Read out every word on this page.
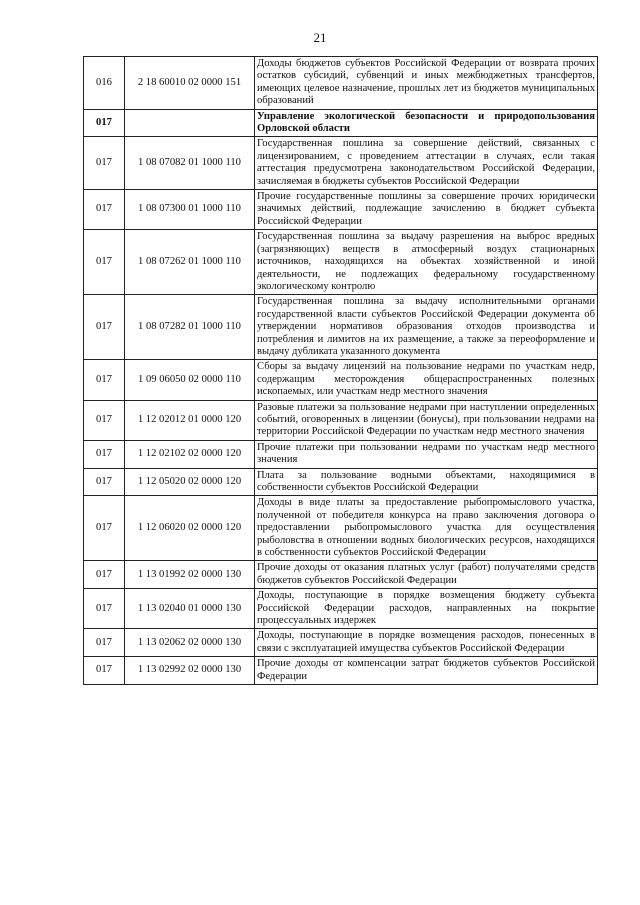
21
016	2 18 60010 02 0000 151	Доходы бюджетов субъектов Российской Федерации от возврата прочих остатков субсидий, субвенций и иных межбюджетных трансфертов, имеющих целевое назначение, прошлых лет из бюджетов муниципальных образований
017		Управление экологической безопасности и природопользования Орловской области
017	1 08 07082 01 1000 110	Государственная пошлина за совершение действий, связанных с лицензированием, с проведением аттестации в случаях, если такая аттестация предусмотрена законодательством Российской Федерации, зачисляемая в бюджеты субъектов Российской Федерации
017	1 08 07300 01 1000 110	Прочие государственные пошлины за совершение прочих юридически значимых действий, подлежащие зачислению в бюджет субъекта Российской Федерации
017	1 08 07262 01 1000 110	Государственная пошлина за выдачу разрешения на выброс вредных (загрязняющих) веществ в атмосферный воздух стационарных источников, находящихся на объектах хозяйственной и иной деятельности, не подлежащих федеральному государственному экологическому контролю
017	1 08 07282 01 1000 110	Государственная пошлина за выдачу исполнительными органами государственной власти субъектов Российской Федерации документа об утверждении нормативов образования отходов производства и потребления и лимитов на их размещение, а также за переоформление и выдачу дубликата указанного документа
017	1 09 06050 02 0000 110	Сборы за выдачу лицензий на пользование недрами по участкам недр, содержащим месторождения общераспространенных полезных ископаемых, или участкам недр местного значения
017	1 12 02012 01 0000 120	Разовые платежи за пользование недрами при наступлении определенных событий, оговоренных в лицензии (бонусы), при пользовании недрами на территории Российской Федерации по участкам недр местного значения
017	1 12 02102 02 0000 120	Прочие платежи при пользовании недрами по участкам недр местного значения
017	1 12 05020 02 0000 120	Плата за пользование водными объектами, находящимися в собственности субъектов Российской Федерации
017	1 12 06020 02 0000 120	Доходы в виде платы за предоставление рыбопромыслового участка, полученной от победителя конкурса на право заключения договора о предоставлении рыбопромыслового участка для осуществления рыболовства в отношении водных биологических ресурсов, находящихся в собственности субъектов Российской Федерации
017	1 13 01992 02 0000 130	Прочие доходы от оказания платных услуг (работ) получателями средств бюджетов субъектов Российской Федерации
017	1 13 02040 01 0000 130	Доходы, поступающие в порядке возмещения бюджету субъекта Российской Федерации расходов, направленных на покрытие процессуальных издержек
017	1 13 02062 02 0000 130	Доходы, поступающие в порядке возмещения расходов, понесенных в связи с эксплуатацией имущества субъектов Российской Федерации
017	1 13 02992 02 0000 130	Прочие доходы от компенсации затрат бюджетов субъектов Российской Федерации
